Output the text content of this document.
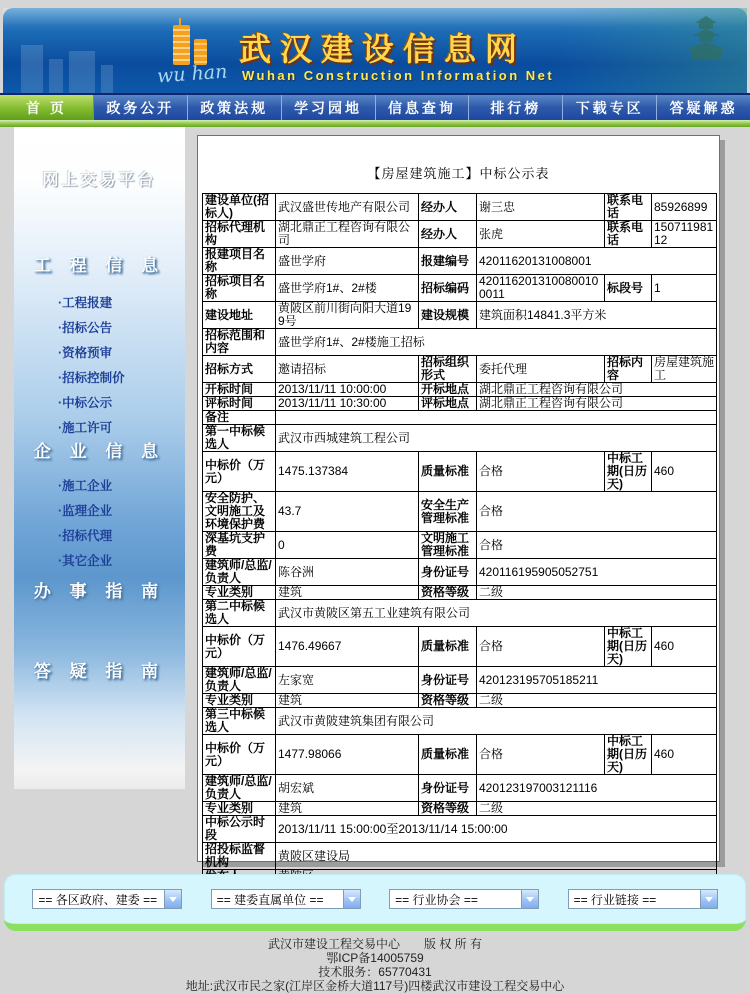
wu han
武汉建设信息网
Wuhan Construction Information Net
首 页	政务公开	政策法规	学习园地	信息查询	排行榜	下载专区	答疑解惑
网上交易平台
工 程 信 息
·工程报建
·招标公告
·资格预审
·招标控制价
·中标公示
·施工许可
企 业 信 息
·施工企业
·监理企业
·招标代理
·其它企业
办 事 指 南
答 疑 指 南
【房屋建筑施工】中标公示表
建设单位(招标人)	武汉盛世传地产有限公司	经办人	谢三忠	联系电话	85926899
招标代理机构	湖北鼎正工程咨询有限公司	经办人	张虎	联系电话	15071198112
报建项目名称	盛世学府	报建编号	42011620131008001		
招标项目名称	盛世学府1#、2#楼	招标编码	4201162013100800100011	标段号	1
建设地址	黄陂区前川街向阳大道199号	建设规模	建筑面积14841.3平方米		
招标范围和内容	盛世学府1#、2#楼施工招标				
招标方式	邀请招标	招标组织形式	委托代理	招标内容	房屋建筑施工
开标时间	2013/11/11 10:00:00	开标地点	湖北鼎正工程咨询有限公司		
评标时间	2013/11/11 10:30:00	评标地点	湖北鼎正工程咨询有限公司		
备注					
第一中标候选人	武汉市西城建筑工程公司				
中标价（万元）	1475.137384	质量标准	合格	中标工期(日历天)	460
安全防护、文明施工及环境保护费	43.7	安全生产管理标准	合格		
深基坑支护费	0	文明施工管理标准	合格		
建筑师/总监/负责人	陈谷洲	身份证号	420116195905052751		
专业类别	建筑	资格等级	二级		
第二中标候选人	武汉市黄陂区第五工业建筑有限公司				
中标价（万元）	1476.49667	质量标准	合格	中标工期(日历天)	460
建筑师/总监/负责人	左家宽	身份证号	420123195705185211		
专业类别	建筑	资格等级	二级		
第三中标候选人	武汉市黄陂建筑集团有限公司				
中标价（万元）	1477.98066	质量标准	合格	中标工期(日历天)	460
建筑师/总监/负责人	胡宏斌	身份证号	420123197003121116		
专业类别	建筑	资格等级	二级		
中标公示时段	2013/11/11 15:00:00至2013/11/14 15:00:00				
招投标监督机构	黄陂区建设局				

== 各区政府、建委 ==	== 建委直属单位 ==	== 行业协会 ==	== 行业链接 ==
武汉市建设工程交易中心　　版 权 所 有
鄂ICP备14005759
技术服务：65770431
地址:武汉市民之家(江岸区金桥大道117号)四楼武汉市建设工程交易中心
